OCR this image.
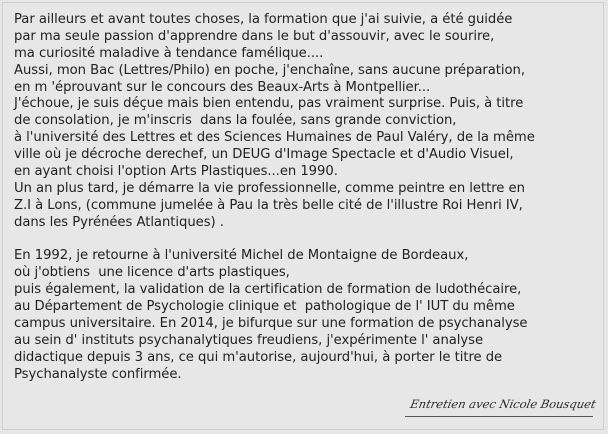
Par ailleurs et avant toutes choses, la formation que j'ai suivie, a été guidée
par ma seule passion d'apprendre dans le but d'assouvir, avec le sourire,
ma curiosité maladive à tendance famélique....
Aussi, mon Bac (Lettres/Philo) en poche, j'enchaîne, sans aucune préparation,
en m 'éprouvant sur le concours des Beaux-Arts à Montpellier...
J'échoue, je suis déçue mais bien entendu, pas vraiment surprise. Puis, à titre
de consolation, je m'inscris  dans la foulée, sans grande conviction,
à l'université des Lettres et des Sciences Humaines de Paul Valéry, de la même
ville où je décroche derechef, un DEUG d'Image Spectacle et d'Audio Visuel,
en ayant choisi l'option Arts Plastiques...en 1990.
Un an plus tard, je démarre la vie professionnelle, comme peintre en lettre en
Z.I à Lons, (commune jumelée à Pau la très belle cité de l'illustre Roi Henri IV,
dans les Pyrénées Atlantiques) .
En 1992, je retourne à l'université Michel de Montaigne de Bordeaux,
où j'obtiens  une licence d'arts plastiques,
puis également, la validation de la certification de formation de ludothécaire,
au Département de Psychologie clinique et  pathologique de l' IUT du même
campus universitaire. En 2014, je bifurque sur une formation de psychanalyse
au sein d' instituts psychanalytiques freudiens, j'expérimente l' analyse
didactique depuis 3 ans, ce qui m'autorise, aujourd'hui, à porter le titre de
Psychanalyste confirmée.
Entretien avec Nicole Bousquet
